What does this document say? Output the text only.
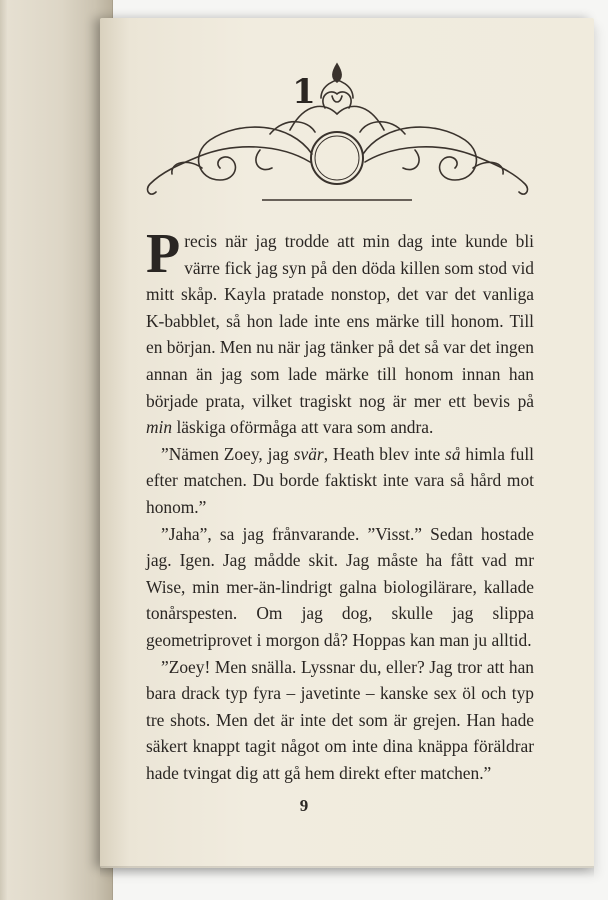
1

Precis när jag trodde att min dag inte kunde bli värre fick jag syn på den döda killen som stod vid mitt skåp. Kayla pratade nonstop, det var det vanliga K-babblet, så hon lade inte ens märke till honom. Till en början. Men nu när jag tänker på det så var det ingen annan än jag som lade märke till honom innan han började prata, vilket tragiskt nog är mer ett bevis på min läskiga oförmåga att vara som andra.

”Nämen Zoey, jag svär, Heath blev inte så himla full efter matchen. Du borde faktiskt inte vara så hård mot honom.”

”Jaha”, sa jag frånvarande. ”Visst.” Sedan hostade jag. Igen. Jag mådde skit. Jag måste ha fått vad mr Wise, min mer-än-lindrigt galna biologilärare, kallade tonårspesten. Om jag dog, skulle jag slippa geometriprovet i morgon då? Hoppas kan man ju alltid.

”Zoey! Men snälla. Lyssnar du, eller? Jag tror att han bara drack typ fyra – javetinte – kanske sex öl och typ tre shots. Men det är inte det som är grejen. Han hade säkert knappt tagit något om inte dina knäppa föräldrar hade tvingat dig att gå hem direkt efter matchen.”

9
